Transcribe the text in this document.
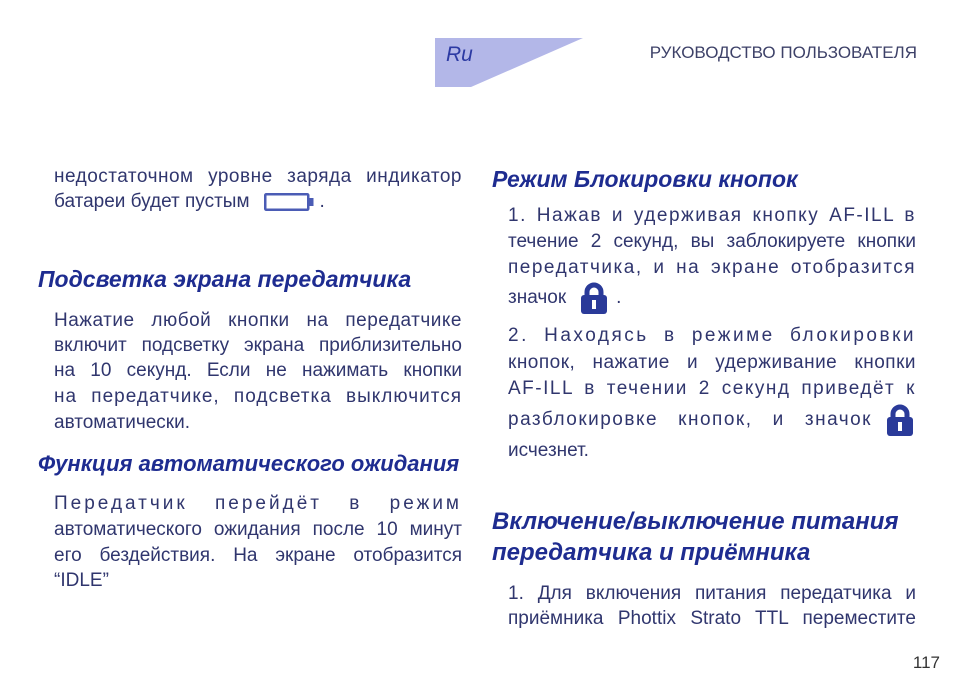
Ru	РУКОВОДСТВО ПОЛЬЗОВАТЕЛЯ
недостаточном уровне заряда индикатор
батареи будет пустым	.
Подсветка экрана передатчика
Нажатие любой кнопки на передатчике
включит подсветку экрана приблизительно
на 10 секунд. Если не нажимать кнопки
на передатчике, подсветка выключится
автоматически.
Функция автоматического ожидания
Передатчик перейдёт в режим
автоматического ожидания после 10 минут
его бездействия. На экране отобразится
“IDLE”
Режим Блокировки кнопок
1. Нажав и удерживая кнопку AF-ILL в
течение 2 секунд, вы заблокируете кнопки
передатчика, и на экране отобразится
значок	.
2. Находясь в режиме блокировки
кнопок, нажатие и удерживание кнопки
AF-ILL в течении 2 секунд приведёт к
разблокировке кнопок, и значок
исчезнет.
Включение/выключение питания
передатчика и приёмника
1. Для включения питания передатчика и
приёмника Phottix Strato TTL переместите
117
